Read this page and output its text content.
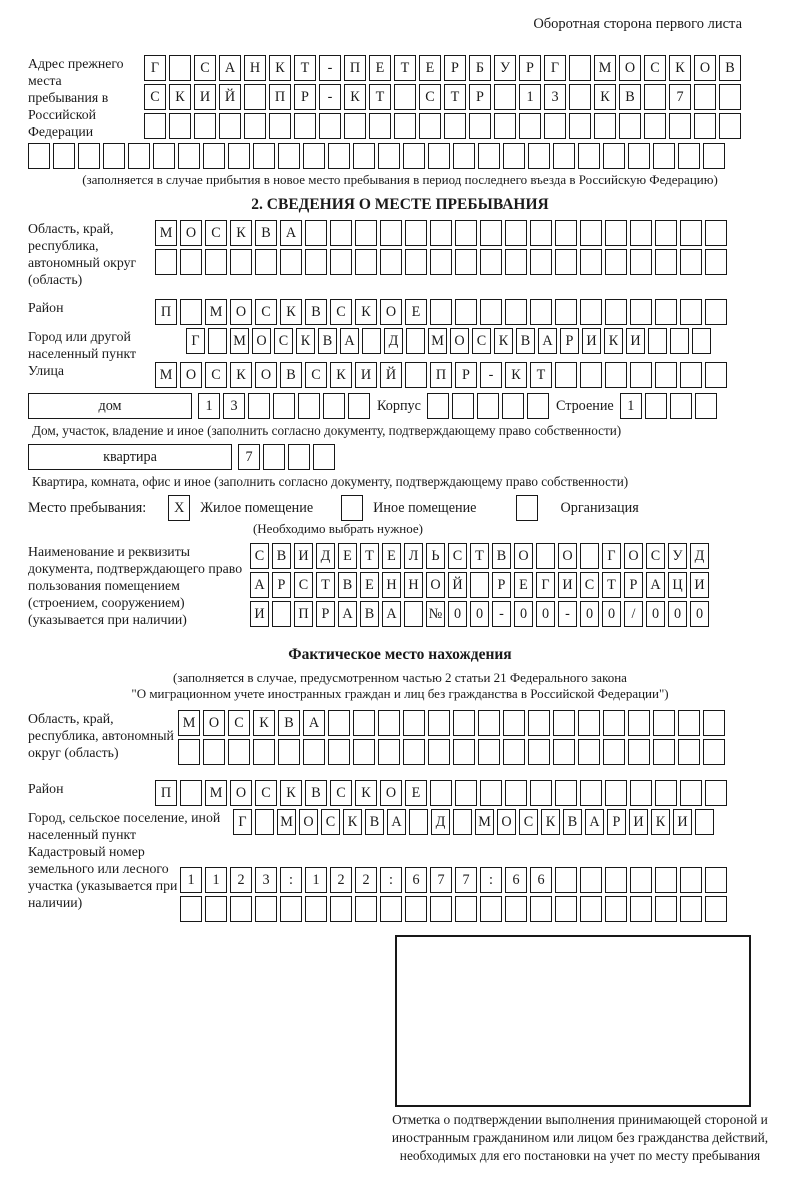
Оборотная сторона первого листа
Адрес прежнего места пребывания в Российской Федерации
Г	С	А	Н	К	Т	-	П	Е	Т	Е	Р	Б	У	Р	Г	М О	С	К	О	В
С	К	И	Й	П	Р	-	К	Т	С	Т	Р	1	3	К	В	7
(заполняется в случае прибытия в новое место пребывания в период последнего въезда в Российскую Федерацию)
2. СВЕДЕНИЯ О МЕСТЕ ПРЕБЫВАНИЯ
Область, край, республика, автономный округ (область)
М О	С	К	В	А
Район	П	М О	С	К	В	С	К	О	Е
Город или другой населенный пункт
Г	М О С К В А	Д	М О С К В А Р И К И
Улица	М О	С	К	О	В	С	К	И	Й	П	Р	-	К	Т
дом	1	3	Корпус	Строение 1
Дом, участок, владение и иное (заполнить согласно документу, подтверждающему право собственности)
квартира	7
Квартира, комната, офис и иное (заполнить согласно документу, подтверждающему право собственности)
Место пребывания:	X	Жилое помещение	Иное помещение	Организация
(Необходимо выбрать нужное)
Наименование и реквизиты документа, подтверждающего право пользования помещением (строением, сооружением) (указывается при наличии)
С В И Д Е Т Е Л Ь С Т В О	О	Г О С У Д
А Р С Т В Е Н Н О Й	Р Е Г И С Т Р А Ц И
И	П Р А В А	№ 0	0	-	0	0	-	0	0	/	0	0	0
Фактическое место нахождения
(заполняется в случае, предусмотренном частью 2 статьи 21 Федерального закона
"О миграционном учете иностранных граждан и лиц без гражданства в Российской Федерации")
Область, край, республика, автономный округ (область)
М О	С	К	В	А
Район	П	М О	С	К	В	С	К	О	Е
Город, сельское поселение, иной населенный пункт
Г	М О С К В А	Д	М О С К В А Р И К И
Кадастровый номер земельного или лесного участка (указывается при наличии)
1	1	2	3	:	1	2	2	:	6	7	7	:	6	6
Отметка о подтверждении выполнения принимающей стороной и иностранным гражданином или лицом без гражданства действий, необходимых для его постановки на учет по месту пребывания
